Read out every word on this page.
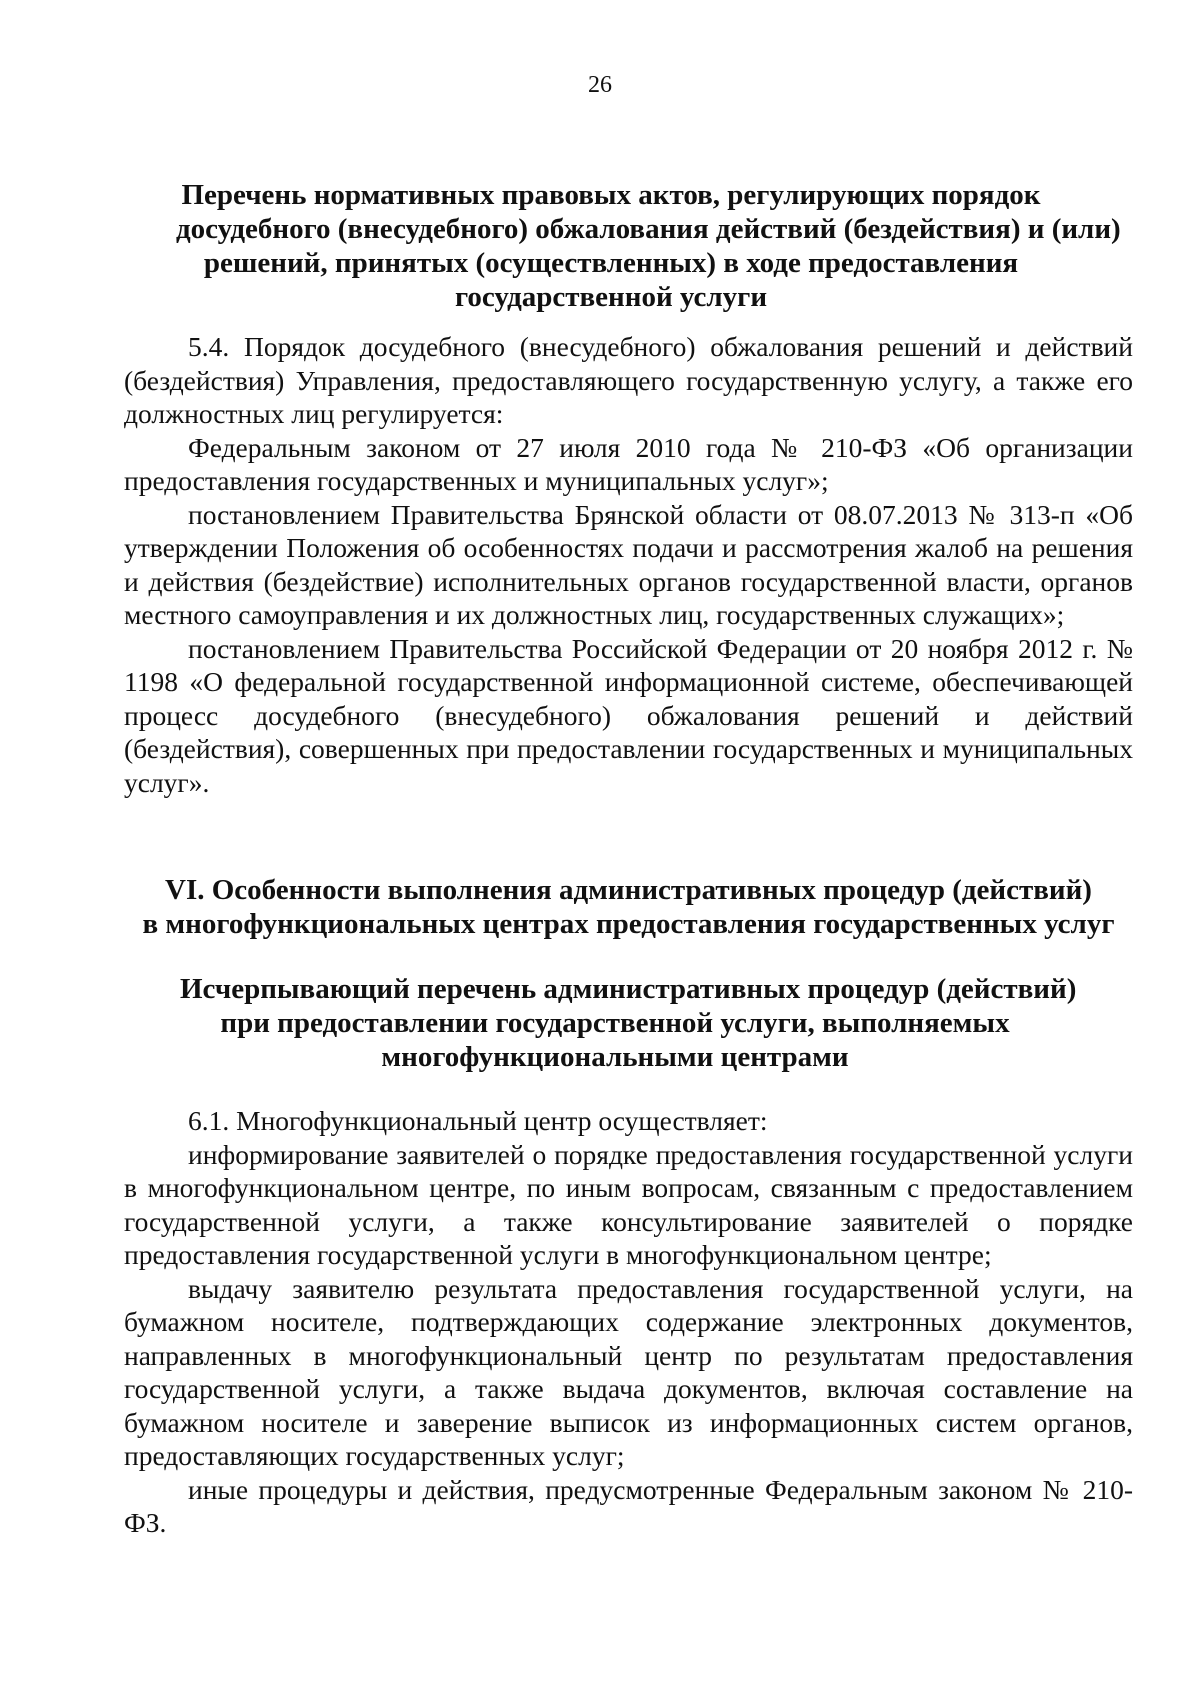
26
Перечень нормативных правовых актов, регулирующих порядок
досудебного (внесудебного) обжалования действий (бездействия) и (или)
решений, принятых (осуществленных) в ходе предоставления
государственной услуги

5.4. Порядок досудебного (внесудебного) обжалования решений и действий (бездействия) Управления, предоставляющего государственную услугу, а также его должностных лиц регулируется:

Федеральным законом от 27 июля 2010 года № 210-ФЗ «Об организации предоставления государственных и муниципальных услуг»;

постановлением Правительства Брянской области от 08.07.2013 № 313-п «Об утверждении Положения об особенностях подачи и рассмотрения жалоб на решения и действия (бездействие) исполнительных органов государственной власти, органов местного самоуправления и их должностных лиц, государственных служащих»;

постановлением Правительства Российской Федерации от 20 ноября 2012 г. № 1198 «О федеральной государственной информационной системе, обеспечивающей процесс досудебного (внесудебного) обжалования решений и действий (бездействия), совершенных при предоставлении государственных и муниципальных услуг».

VI. Особенности выполнения административных процедур (действий)
в многофункциональных центрах предоставления государственных услуг
Исчерпывающий перечень административных процедур (действий)
при предоставлении государственной услуги, выполняемых
многофункциональными центрами

6.1. Многофункциональный центр осуществляет:

информирование заявителей о порядке предоставления государственной услуги в многофункциональном центре, по иным вопросам, связанным с предоставлением государственной услуги, а также консультирование заявителей о порядке предоставления государственной услуги в многофункциональном центре;

выдачу заявителю результата предоставления государственной услуги, на бумажном носителе, подтверждающих содержание электронных документов, направленных в многофункциональный центр по результатам предоставления государственной услуги, а также выдача документов, включая составление на бумажном носителе и заверение выписок из информационных систем органов, предоставляющих государственных услуг;

иные процедуры и действия, предусмотренные Федеральным законом № 210-ФЗ.
